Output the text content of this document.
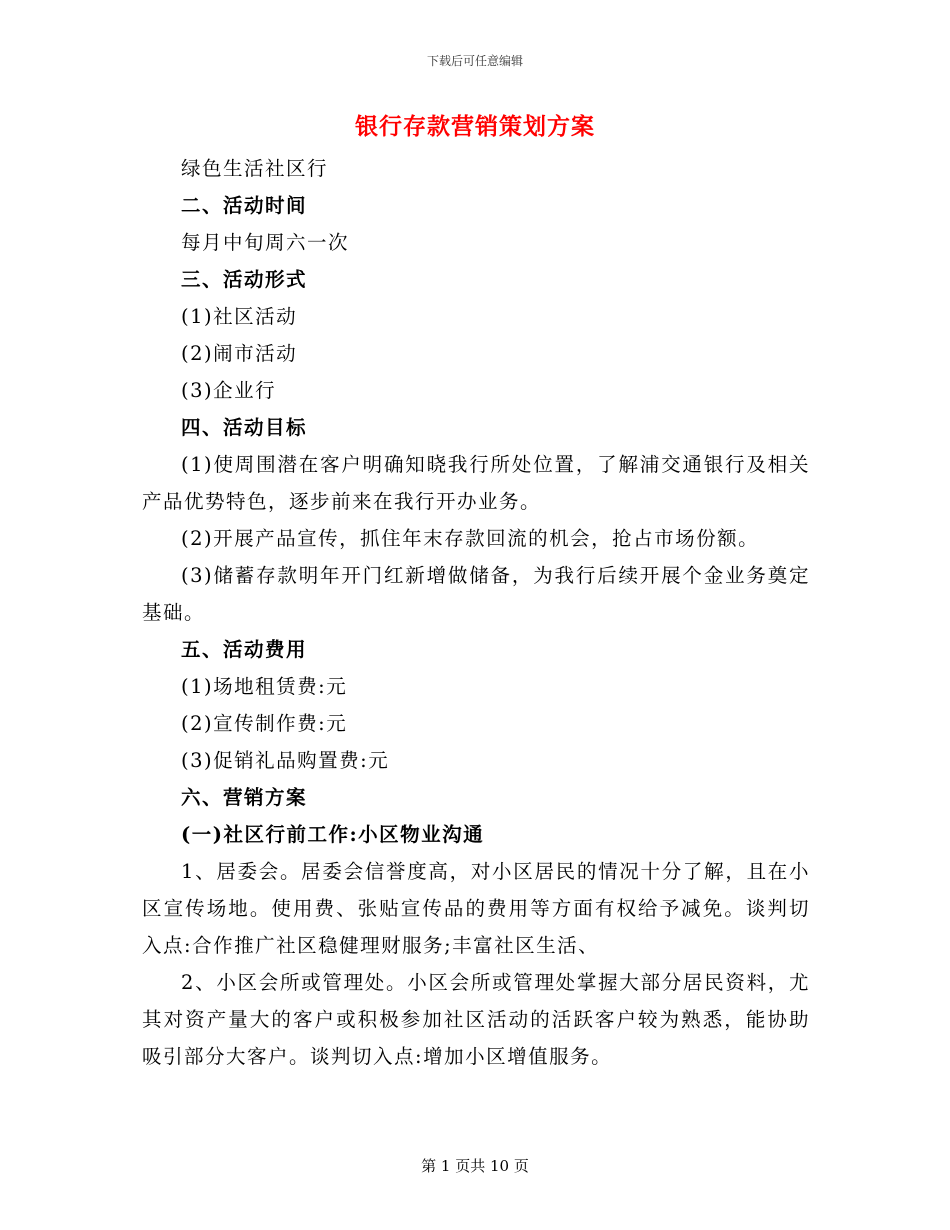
下载后可任意编辑
银行存款营销策划方案

绿色生活社区行

二、活动时间

每月中旬周六一次

三、活动形式

(1)社区活动

(2)闹市活动

(3)企业行

四、活动目标

(1)使周围潜在客户明确知晓我行所处位置，了解浦交通银行及相关产品优势特色，逐步前来在我行开办业务。

(2)开展产品宣传，抓住年末存款回流的机会，抢占市场份额。

(3)储蓄存款明年开门红新增做储备，为我行后续开展个金业务奠定基础。

五、活动费用

(1)场地租赁费:元

(2)宣传制作费:元

(3)促销礼品购置费:元

六、营销方案

(一)社区行前工作:小区物业沟通

1、居委会。居委会信誉度高，对小区居民的情况十分了解，且在小区宣传场地。使用费、张贴宣传品的费用等方面有权给予减免。谈判切入点:合作推广社区稳健理财服务;丰富社区生活、

2、小区会所或管理处。小区会所或管理处掌握大部分居民资料，尤其对资产量大的客户或积极参加社区活动的活跃客户较为熟悉，能协助吸引部分大客户。谈判切入点:增加小区增值服务。

第 1 页共 10 页
